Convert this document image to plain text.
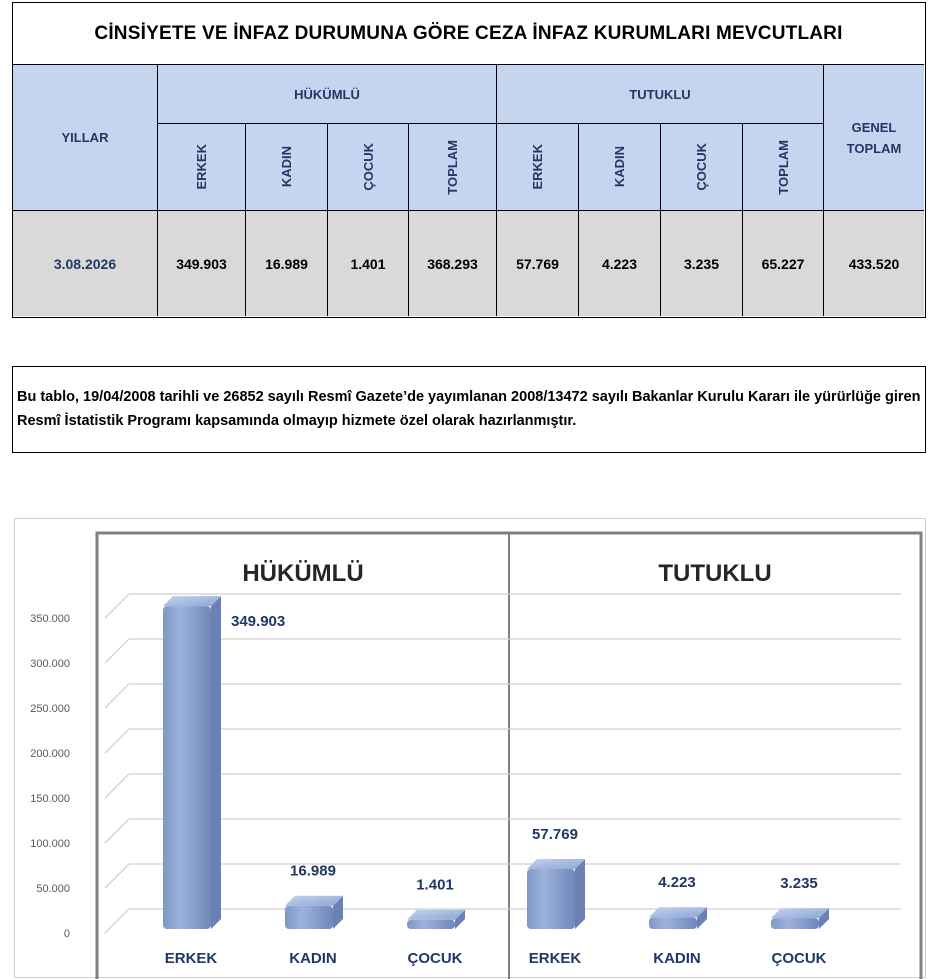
CİNSİYETE VE İNFAZ DURUMUNA GÖRE CEZA İNFAZ KURUMLARI MEVCUTLARI
YILLAR
HÜKÜMLÜ	TUTUKLU
GENEL
TOPLAM
ERKEK	KADIN	ÇOCUK	TOPLAM	ERKEK	KADIN	ÇOCUK	TOPLAM
3.08.2026	349.903	16.989	1.401	368.293	57.769	4.223	3.235	65.227	433.520
Bu tablo, 19/04/2008 tarihli ve 26852 sayılı Resmî Gazete’de yayımlanan 2008/13472 sayılı Bakanlar Kurulu Kararı ile yürürlüğe giren Resmî İstatistik Programı kapsamında olmayıp hizmete özel olarak hazırlanmıştır.
0
50.000
100.000
150.000
200.000
250.000
300.000
350.000
HÜKÜMLÜ
349.903
ERKEK
16.989
KADIN
1.401
ÇOCUK
TUTUKLU
57.769
ERKEK
4.223
KADIN
3.235
ÇOCUK
